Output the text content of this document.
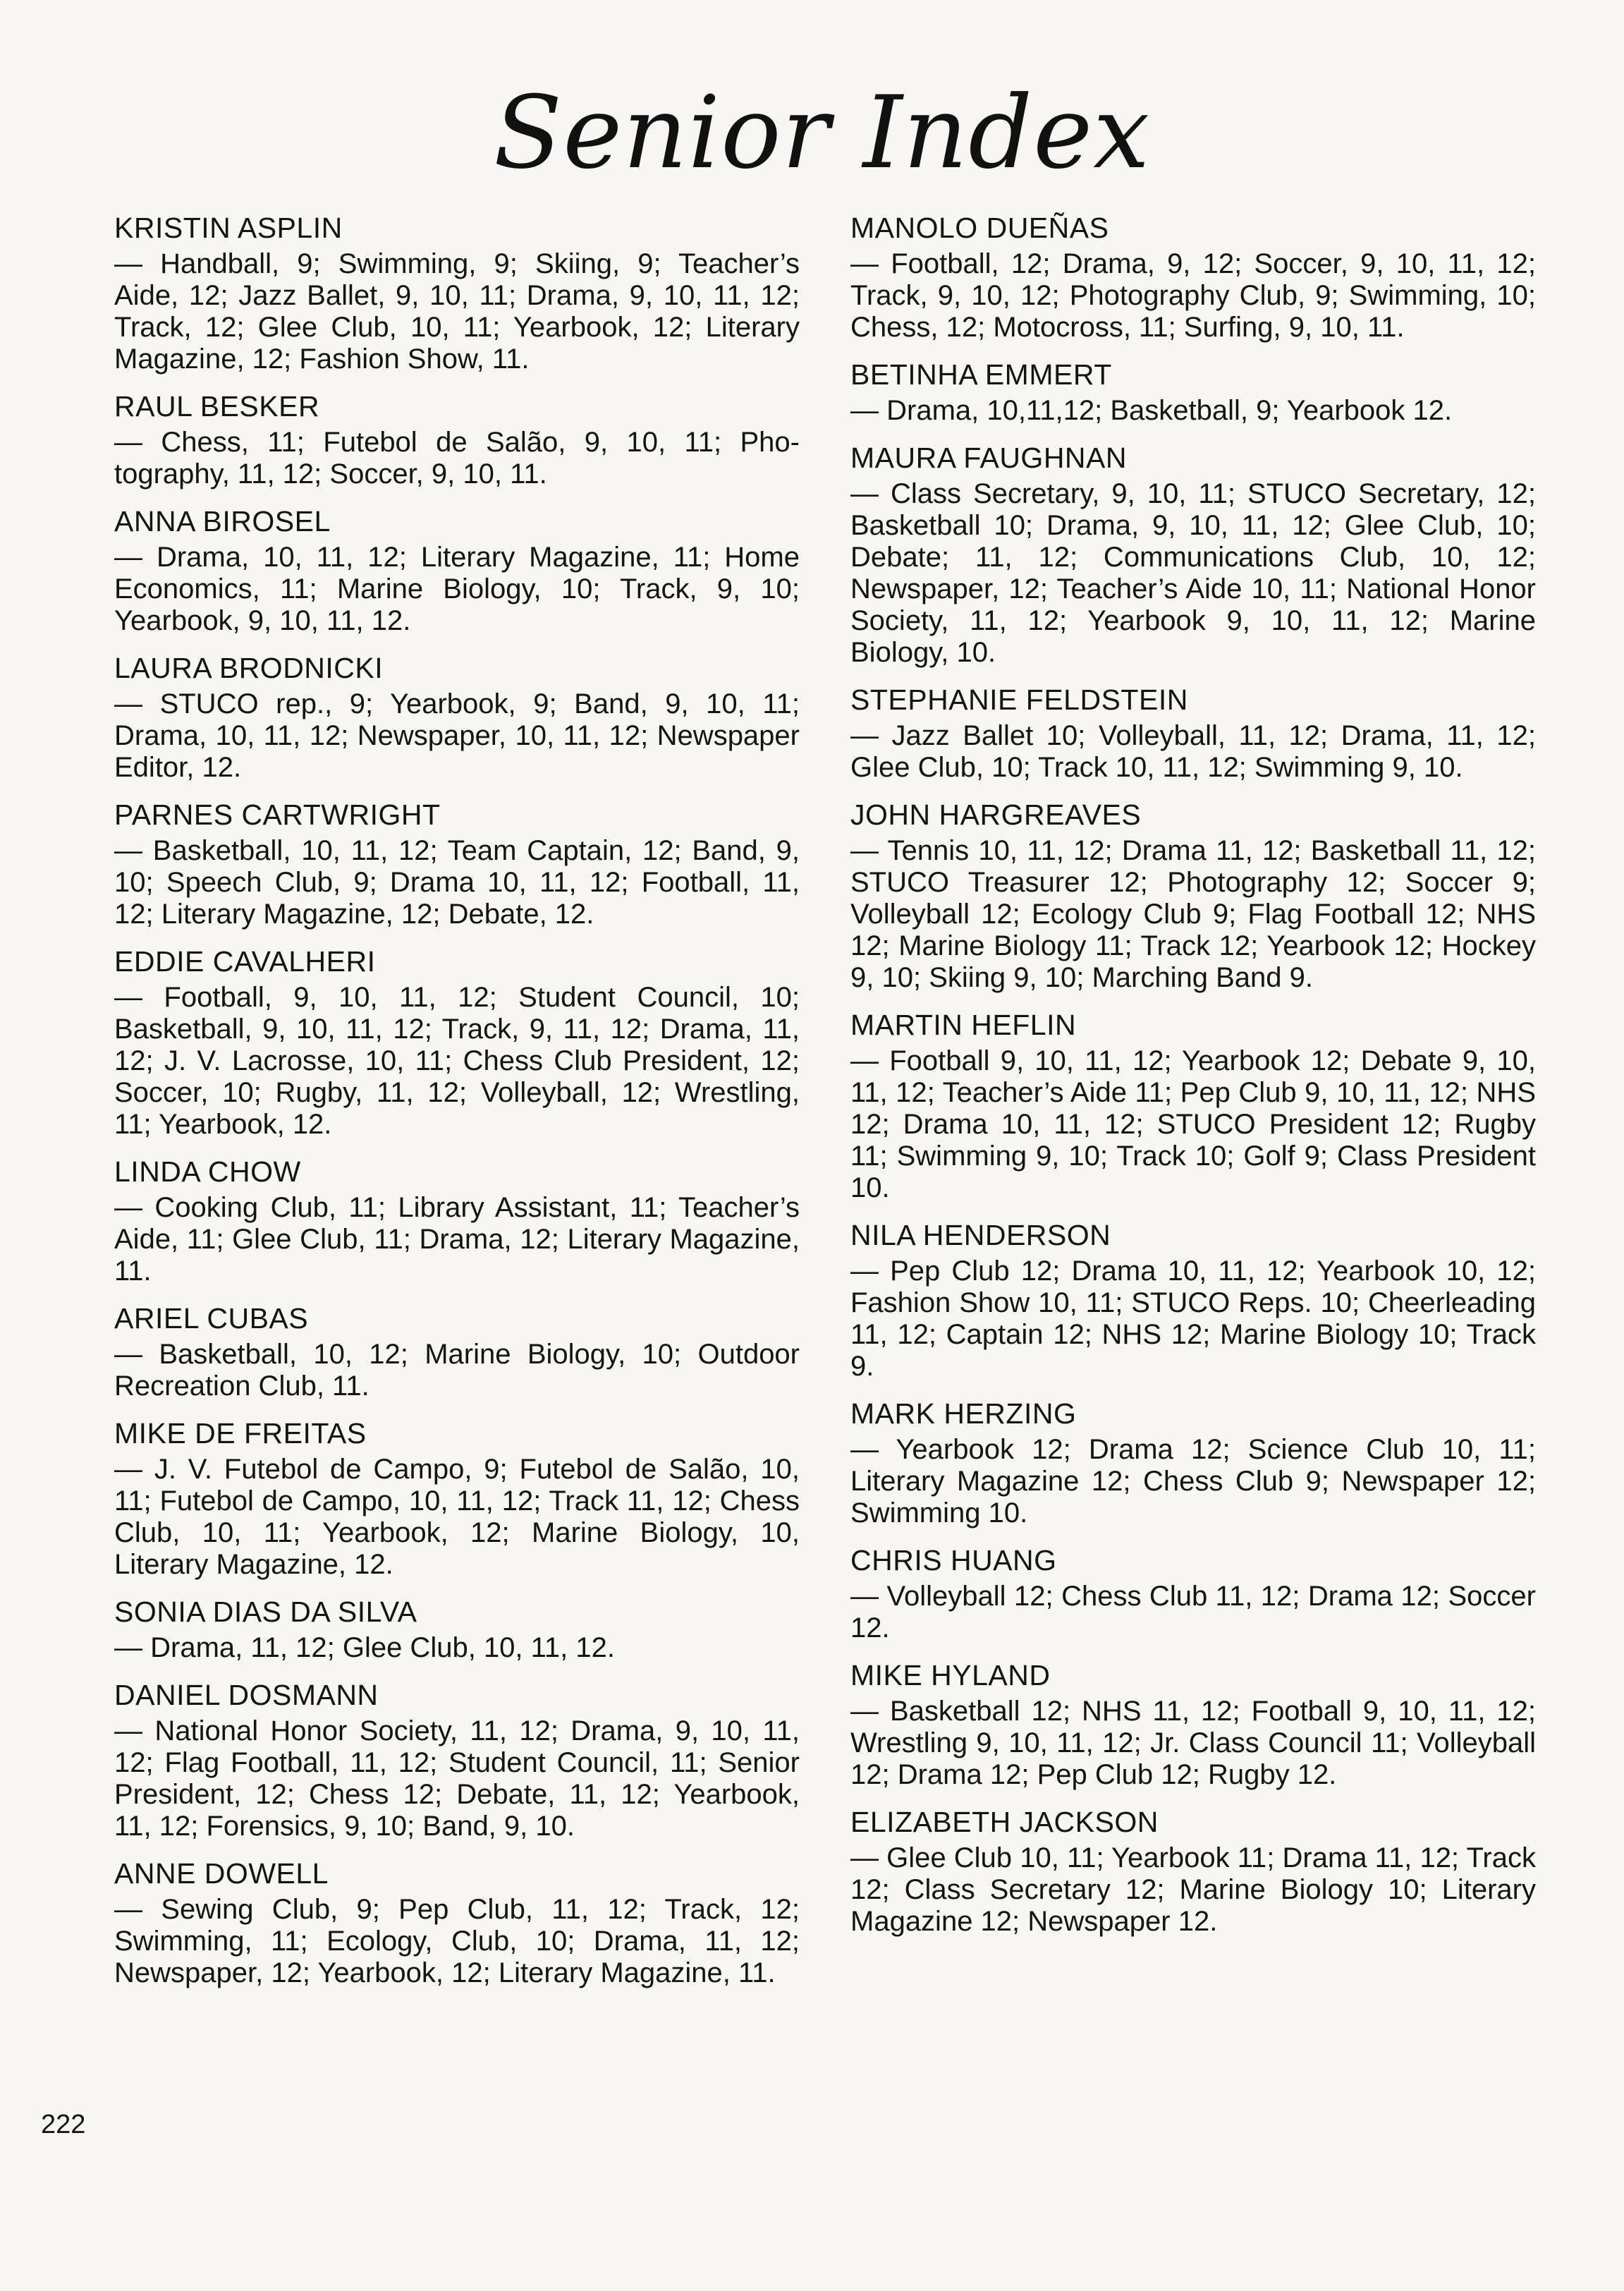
Senior Index

KRISTIN ASPLIN

— Handball, 9; Swimming, 9; Skiing, 9; Teacher’s Aide, 12; Jazz Ballet, 9, 10, 11; Drama, 9, 10, 11, 12; Track, 12; Glee Club, 10, 11; Yearbook, 12; Literary Magazine, 12; Fashion Show, 11.

RAUL BESKER

— Chess, 11; Futebol de Salão, 9, 10, 11; Photography, 11, 12; Soccer, 9, 10, 11.

ANNA BIROSEL

— Drama, 10, 11, 12; Literary Magazine, 11; Home Economics, 11; Marine Biology, 10; Track, 9, 10; Yearbook, 9, 10, 11, 12.

LAURA BRODNICKI

— STUCO rep., 9; Yearbook, 9; Band, 9, 10, 11; Drama, 10, 11, 12; Newspaper, 10, 11, 12; Newspaper Editor, 12.

PARNES CARTWRIGHT

— Basketball, 10, 11, 12; Team Captain, 12; Band, 9, 10; Speech Club, 9; Drama 10, 11, 12; Football, 11, 12; Literary Magazine, 12; Debate, 12.

EDDIE CAVALHERI

— Football, 9, 10, 11, 12; Student Council, 10; Basketball, 9, 10, 11, 12; Track, 9, 11, 12; Drama, 11, 12; J. V. Lacrosse, 10, 11; Chess Club President, 12; Soccer, 10; Rugby, 11, 12; Volleyball, 12; Wrestling, 11; Yearbook, 12.

LINDA CHOW

— Cooking Club, 11; Library Assistant, 11; Teacher’s Aide, 11; Glee Club, 11; Drama, 12; Literary Magazine, 11.

ARIEL CUBAS

— Basketball, 10, 12; Marine Biology, 10; Outdoor Recreation Club, 11.

MIKE DE FREITAS

— J. V. Futebol de Campo, 9; Futebol de Salão, 10, 11; Futebol de Campo, 10, 11, 12; Track 11, 12; Chess Club, 10, 11; Yearbook, 12; Marine Biology, 10, Literary Magazine, 12.

SONIA DIAS DA SILVA

— Drama, 11, 12; Glee Club, 10, 11, 12.

DANIEL DOSMANN

— National Honor Society, 11, 12; Drama, 9, 10, 11, 12; Flag Football, 11, 12; Student Council, 11; Senior President, 12; Chess 12; Debate, 11, 12; Yearbook, 11, 12; Forensics, 9, 10; Band, 9, 10.

ANNE DOWELL

— Sewing Club, 9; Pep Club, 11, 12; Track, 12; Swimming, 11; Ecology, Club, 10; Drama, 11, 12; Newspaper, 12; Yearbook, 12; Literary Magazine, 11.

MANOLO DUEÑAS

— Football, 12; Drama, 9, 12; Soccer, 9, 10, 11, 12; Track, 9, 10, 12; Photography Club, 9; Swimming, 10; Chess, 12; Motocross, 11; Surfing, 9, 10, 11.

BETINHA EMMERT

— Drama, 10,11,12; Basketball, 9; Yearbook 12.

MAURA FAUGHNAN

— Class Secretary, 9, 10, 11; STUCO Secretary, 12; Basketball 10; Drama, 9, 10, 11, 12; Glee Club, 10; Debate; 11, 12; Communications Club, 10, 12; Newspaper, 12; Teacher’s Aide 10, 11; National Honor Society, 11, 12; Yearbook 9, 10, 11, 12; Marine Biology, 10.

STEPHANIE FELDSTEIN

— Jazz Ballet 10; Volleyball, 11, 12; Drama, 11, 12; Glee Club, 10; Track 10, 11, 12; Swimming 9, 10.

JOHN HARGREAVES

— Tennis 10, 11, 12; Drama 11, 12; Basketball 11, 12; STUCO Treasurer 12; Photography 12; Soccer 9; Volleyball 12; Ecology Club 9; Flag Football 12; NHS 12; Marine Biology 11; Track 12; Yearbook 12; Hockey 9, 10; Skiing 9, 10; Marching Band 9.

MARTIN HEFLIN

— Football 9, 10, 11, 12; Yearbook 12; Debate 9, 10, 11, 12; Teacher’s Aide 11; Pep Club 9, 10, 11, 12; NHS 12; Drama 10, 11, 12; STUCO President 12; Rugby 11; Swimming 9, 10; Track 10; Golf 9; Class President 10.

NILA HENDERSON

— Pep Club 12; Drama 10, 11, 12; Yearbook 10, 12; Fashion Show 10, 11; STUCO Reps. 10; Cheerleading 11, 12; Captain 12; NHS 12; Marine Biology 10; Track 9.

MARK HERZING

— Yearbook 12; Drama 12; Science Club 10, 11; Literary Magazine 12; Chess Club 9; Newspaper 12; Swimming 10.

CHRIS HUANG

— Volleyball 12; Chess Club 11, 12; Drama 12; Soccer 12.

MIKE HYLAND

— Basketball 12; NHS 11, 12; Football 9, 10, 11, 12; Wrestling 9, 10, 11, 12; Jr. Class Council 11; Volleyball 12; Drama 12; Pep Club 12; Rugby 12.

ELIZABETH JACKSON

— Glee Club 10, 11; Yearbook 11; Drama 11, 12; Track 12; Class Secretary 12; Marine Biology 10; Literary Magazine 12; Newspaper 12.

222
